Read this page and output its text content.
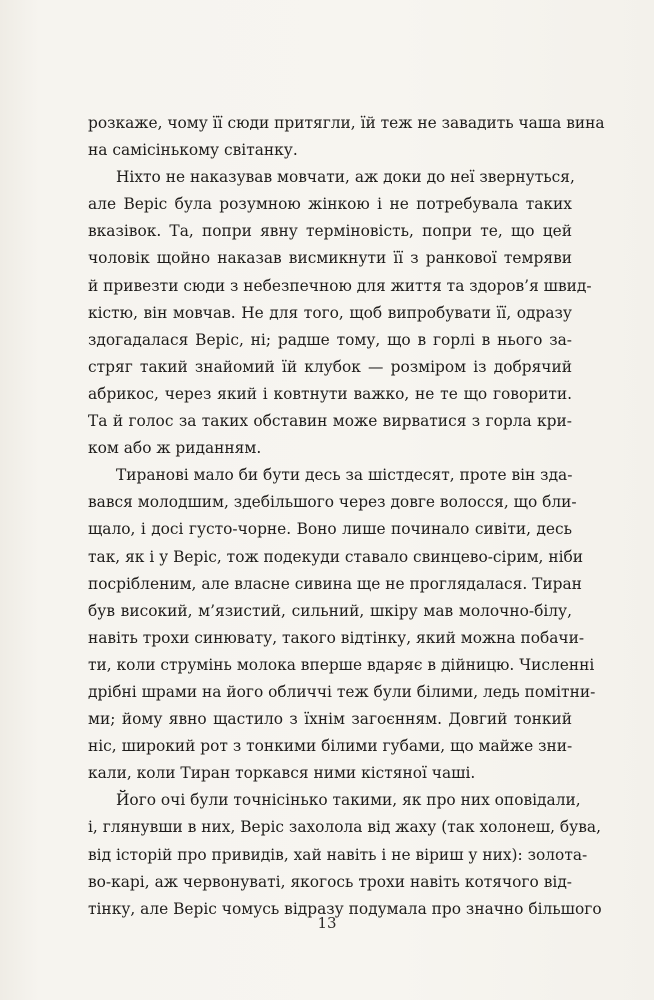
розкаже, чому її сюди притягли, їй теж не завадить чаша вина
на самісінькому світанку.
Ніхто не наказував мовчати, аж доки до неї звернуться,
але Веріс була розумною жінкою і не потребувала таких
вказівок. Та, попри явну терміновість, попри те, що цей
чоловік щойно наказав висмикнути її з ранкової темряви
й привезти сюди з небезпечною для життя та здоров’я швид-
кістю, він мовчав. Не для того, щоб випробувати її, одразу
здогадалася Веріс, ні; радше тому, що в горлі в нього за-
стряг такий знайомий їй клубок — розміром із добрячий
абрикос, через який і ковтнути важко, не те що говорити.
Та й голос за таких обставин може вирватися з горла кри-
ком або ж риданням.
Тиранові мало би бути десь за шістдесят, проте він зда-
вався молодшим, здебільшого через довге волосся, що бли-
щало, і досі густо-чорне. Воно лише починало сивіти, десь
так, як і у Веріс, тож подекуди ставало свинцево-сірим, ніби
посрібленим, але власне сивина ще не проглядалася. Тиран
був високий, м’язистий, сильний, шкіру мав молочно-білу,
навіть трохи синювату, такого відтінку, який можна побачи-
ти, коли струмінь молока вперше вдаряє в дійницю. Численні
дрібні шрами на його обличчі теж були білими, ледь помітни-
ми; йому явно щастило з їхнім загоєнням. Довгий тонкий
ніс, широкий рот з тонкими білими губами, що майже зни-
кали, коли Тиран торкався ними кістяної чаші.
Його очі були точнісінько такими, як про них оповідали,
і, глянувши в них, Веріс захолола від жаху (так холонеш, бува,
від історій про привидів, хай навіть і не віриш у них): золота-
во-карі, аж червонуваті, якогось трохи навіть котячого від-
тінку, але Веріс чомусь відразу подумала про значно більшого
13
